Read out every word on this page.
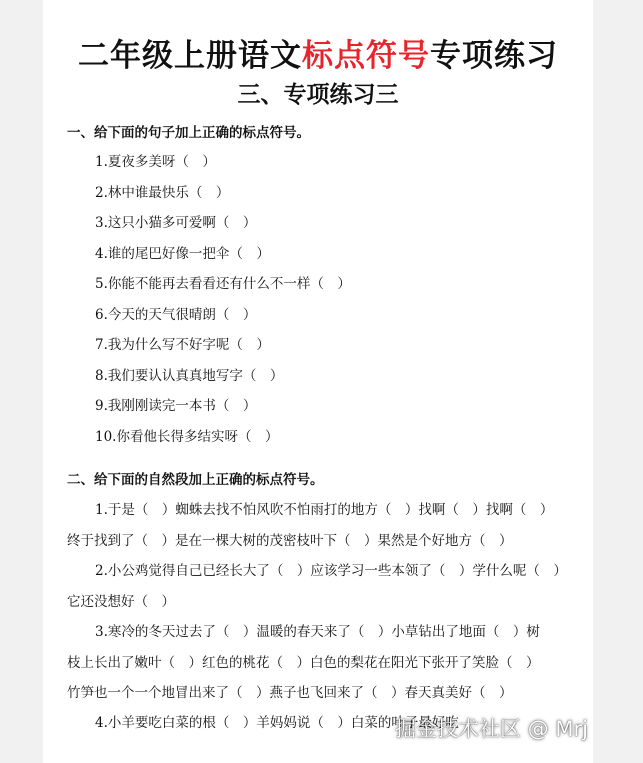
二年级上册语文标点符号专项练习
三、专项练习三
一、给下面的句子加上正确的标点符号。
1.夏夜多美呀（　）
2.林中谁最快乐（　）
3.这只小猫多可爱啊（　）
4.谁的尾巴好像一把伞（　）
5.你能不能再去看看还有什么不一样（　）
6.今天的天气很晴朗（　）
7.我为什么写不好字呢（　）
8.我们要认认真真地写字（　）
9.我刚刚读完一本书（　）
10.你看他长得多结实呀（　）
二、给下面的自然段加上正确的标点符号。
1.于是（　）蜘蛛去找不怕风吹不怕雨打的地方（　）找啊（　）找啊（　）
终于找到了（　）是在一棵大树的茂密枝叶下（　）果然是个好地方（　）
2.小公鸡觉得自己已经长大了（　）应该学习一些本领了（　）学什么呢（　）
它还没想好（　）
3.寒冷的冬天过去了（　）温暖的春天来了（　）小草钻出了地面（　）树
枝上长出了嫩叶（　）红色的桃花（　）白色的梨花在阳光下张开了笑脸（　）
竹笋也一个一个地冒出来了（　）燕子也飞回来了（　）春天真美好（　）
4.小羊要吃白菜的根（　）羊妈妈说（　）白菜的叶子最好吃
掘金技术社区 @ Mrj
